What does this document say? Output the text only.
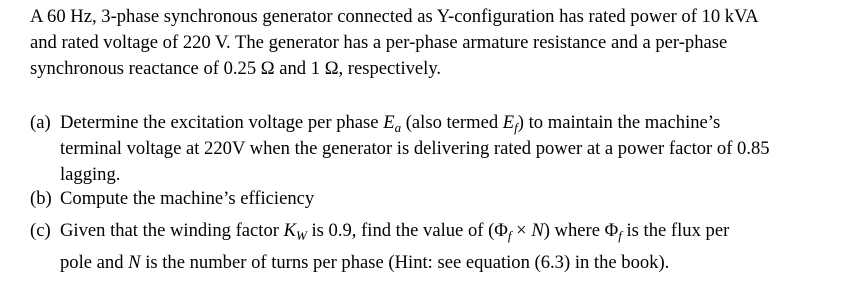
A 60 Hz, 3-phase synchronous generator connected as Y-configuration has rated power of 10 kVA
and rated voltage of 220 V. The generator has a per-phase armature resistance and a per-phase
synchronous reactance of 0.25 Ω and 1 Ω, respectively.
(a) Determine the excitation voltage per phase $E_a$ (also termed $E_f$) to maintain the machine’s
terminal voltage at 220V when the generator is delivering rated power at a power factor of 0.85
lagging.
(b) Compute the machine’s efficiency
(c) Given that the winding factor $K_W$ is 0.9, find the value of $(\Phi_f \times N)$ where $\Phi_f$ is the flux per
pole and N is the number of turns per phase (Hint: see equation (6.3) in the book).
